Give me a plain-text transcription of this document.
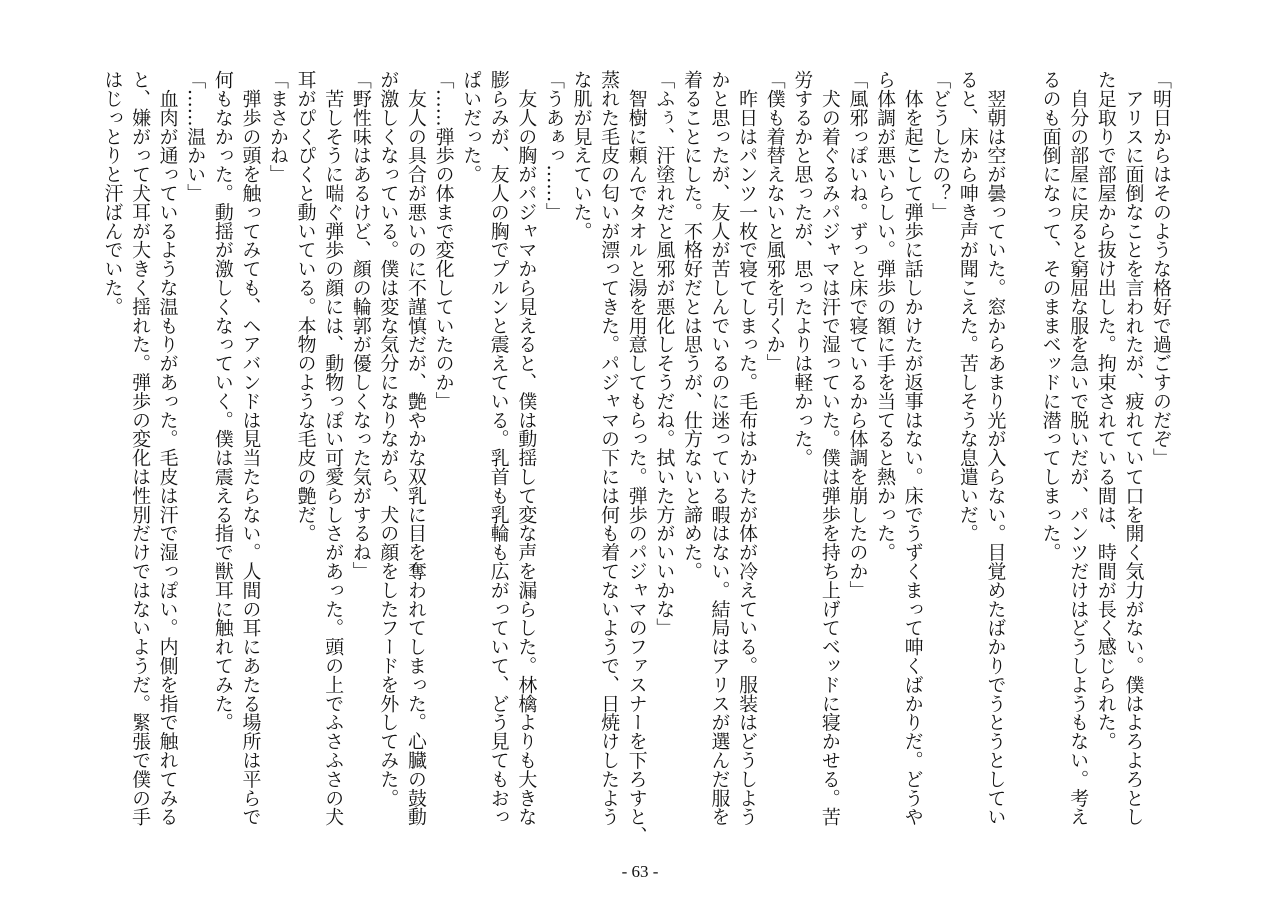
「明日からはそのような格好で過ごすのだぞ」
　アリスに面倒なことを言われたが、疲れていて口を開く気力がない。僕はよろよろとし
た足取りで部屋から抜け出した。拘束されている間は、時間が長く感じられた。
　自分の部屋に戻ると窮屈な服を急いで脱いだが、パンツだけはどうしようもない。考え
るのも面倒になって、そのままベッドに潜ってしまった。
　翌朝は空が曇っていた。窓からあまり光が入らない。目覚めたばかりでうとうとしてい
ると、床から呻き声が聞こえた。苦しそうな息遣いだ。
「どうしたの？」
　体を起こして弾歩に話しかけたが返事はない。床でうずくまって呻くばかりだ。どうや
ら体調が悪いらしい。弾歩の額に手を当てると熱かった。
「風邪っぽいね。ずっと床で寝ているから体調を崩したのか」
　犬の着ぐるみパジャマは汗で湿っていた。僕は弾歩を持ち上げてベッドに寝かせる。苦
労するかと思ったが、思ったよりは軽かった。
「僕も着替えないと風邪を引くか」
　昨日はパンツ一枚で寝てしまった。毛布はかけたが体が冷えている。服装はどうしよう
かと思ったが、友人が苦しんでいるのに迷っている暇はない。結局はアリスが選んだ服を
着ることにした。不格好だとは思うが、仕方ないと諦めた。
「ふぅ、汗塗れだと風邪が悪化しそうだね。拭いた方がいいかな」
　智樹に頼んでタオルと湯を用意してもらった。弾歩のパジャマのファスナーを下ろすと、
蒸れた毛皮の匂いが漂ってきた。パジャマの下には何も着てないようで、日焼けしたよう
な肌が見えていた。
「うあぁっ……」
　友人の胸がパジャマから見えると、僕は動揺して変な声を漏らした。林檎よりも大きな
膨らみが、友人の胸でプルンと震えている。乳首も乳輪も広がっていて、どう見てもおっ
ぱいだった。
「……弾歩の体まで変化していたのか」
　友人の具合が悪いのに不謹慎だが、艶やかな双乳に目を奪われてしまった。心臓の鼓動
が激しくなっている。僕は変な気分になりながら、犬の顔をしたフードを外してみた。
「野性味はあるけど、顔の輪郭が優しくなった気がするね」
　苦しそうに喘ぐ弾歩の顔には、動物っぽい可愛らしさがあった。頭の上でふさふさの犬
耳がぴくぴくと動いている。本物のような毛皮の艶だ。
「まさかね」
　弾歩の頭を触ってみても、ヘアバンドは見当たらない。人間の耳にあたる場所は平らで
何もなかった。動揺が激しくなっていく。僕は震える指で獣耳に触れてみた。
「……温かい」
　血肉が通っているような温もりがあった。毛皮は汗で湿っぽい。内側を指で触れてみる
と、嫌がって犬耳が大きく揺れた。弾歩の変化は性別だけではないようだ。緊張で僕の手
はじっとりと汗ばんでいた。
- 63 -
